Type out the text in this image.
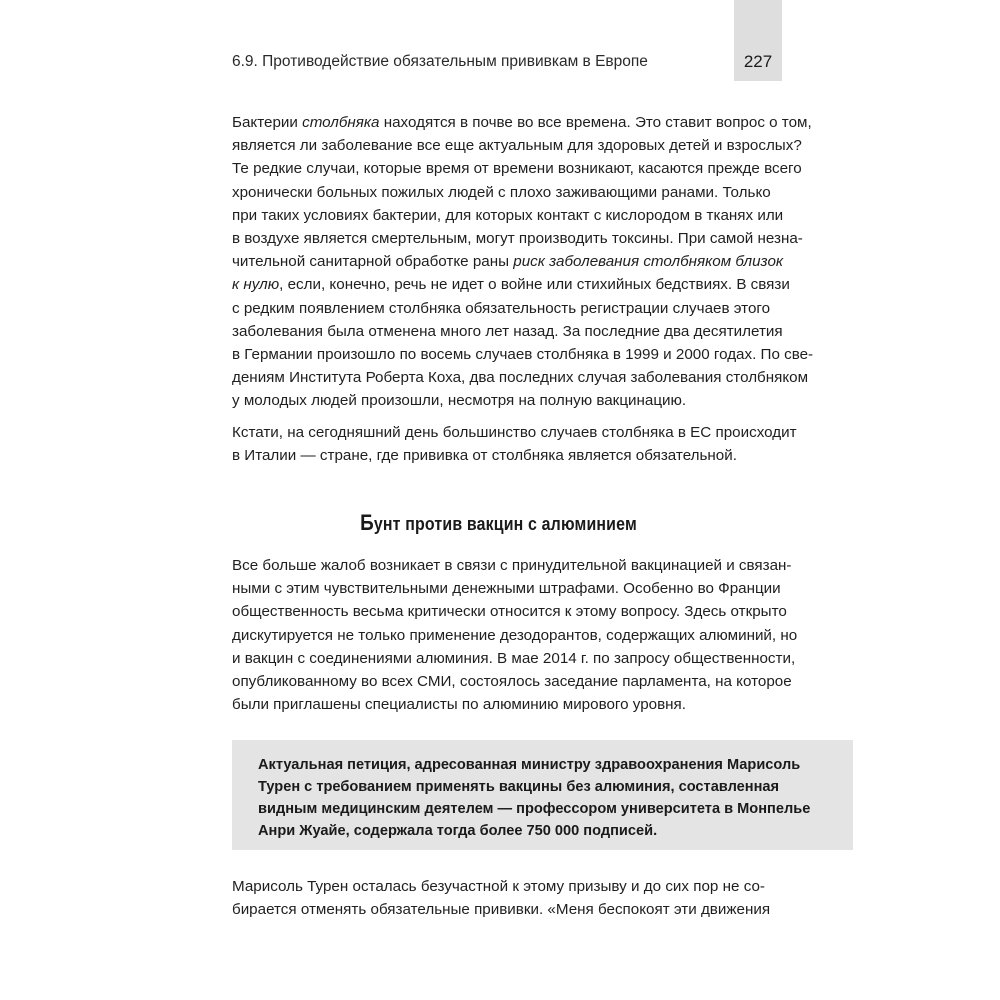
6.9. Противодействие обязательным прививкам в Европе	227

Бактерии столбняка находятся в почве во все времена. Это ставит вопрос о том,
является ли заболевание все еще актуальным для здоровых детей и взрослых?
Те редкие случаи, которые время от времени возникают, касаются прежде всего
хронически больных пожилых людей с плохо заживающими ранами. Только
при таких условиях бактерии, для которых контакт с кислородом в тканях или
в воздухе является смертельным, могут производить токсины. При самой незна-
чительной санитарной обработке раны риск заболевания столбняком близок
к нулю, если, конечно, речь не идет о войне или стихийных бедствиях. В связи
с редким появлением столбняка обязательность регистрации случаев этого
заболевания была отменена много лет назад. За последние два десятилетия
в Германии произошло по восемь случаев столбняка в 1999 и 2000 годах. По све-
дениям Института Роберта Коха, два последних случая заболевания столбняком
у молодых людей произошли, несмотря на полную вакцинацию.

Кстати, на сегодняшний день большинство случаев столбняка в ЕС происходит
в Италии — стране, где прививка от столбняка является обязательной.

Бунт против вакцин с алюминием

Все больше жалоб возникает в связи с принудительной вакцинацией и связан-
ными с этим чувствительными денежными штрафами. Особенно во Франции
общественность весьма критически относится к этому вопросу. Здесь открыто
дискутируется не только применение дезодорантов, содержащих алюминий, но
и вакцин с соединениями алюминия. В мае 2014 г. по запросу общественности,
опубликованному во всех СМИ, состоялось заседание парламента, на которое
были приглашены специалисты по алюминию мирового уровня.

Актуальная петиция, адресованная министру здравоохранения Марисоль
Турен с требованием применять вакцины без алюминия, составленная
видным медицинским деятелем — профессором университета в Монпелье
Анри Жуайе, содержала тогда более 750 000 подписей.

Марисоль Турен осталась безучастной к этому призыву и до сих пор не со-
бирается отменять обязательные прививки. «Меня беспокоят эти движения
